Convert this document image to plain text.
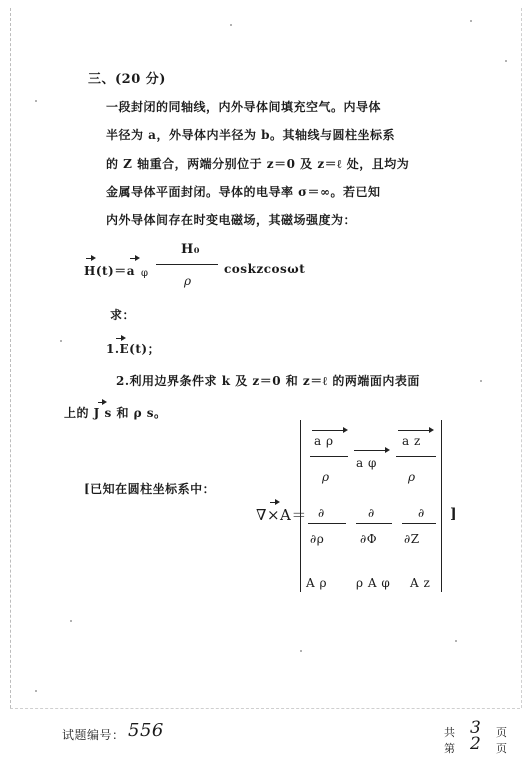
三、(20 分)
一段封闭的同轴线，内外导体间填充空气。内导体
半径为 a，外导体内半径为 b。其轴线与圆柱坐标系
的 Z 轴重合，两端分别位于 z＝0 及 z＝ℓ 处，且均为
金属导体平面封闭。导体的电导率 σ＝∞。若已知
内外导体间存在时变电磁场，其磁场强度为：
H(t)＝a φ
H₀
ρ
coskzcosωt
求：
1.E(t)；
2.利用边界条件求 k 及 z＝0 和 z＝ℓ 的两端面内表面
上的 J s 和 ρ s。
[已知在圆柱坐标系中：
∇×A＝
a ρ
ρ
a φ
a z
ρ
∂	∂	∂
∂ρ	∂Φ ∂Z
A ρ ρ A φ A z
]
试题编号： 556	共 3 页
第 2 页
